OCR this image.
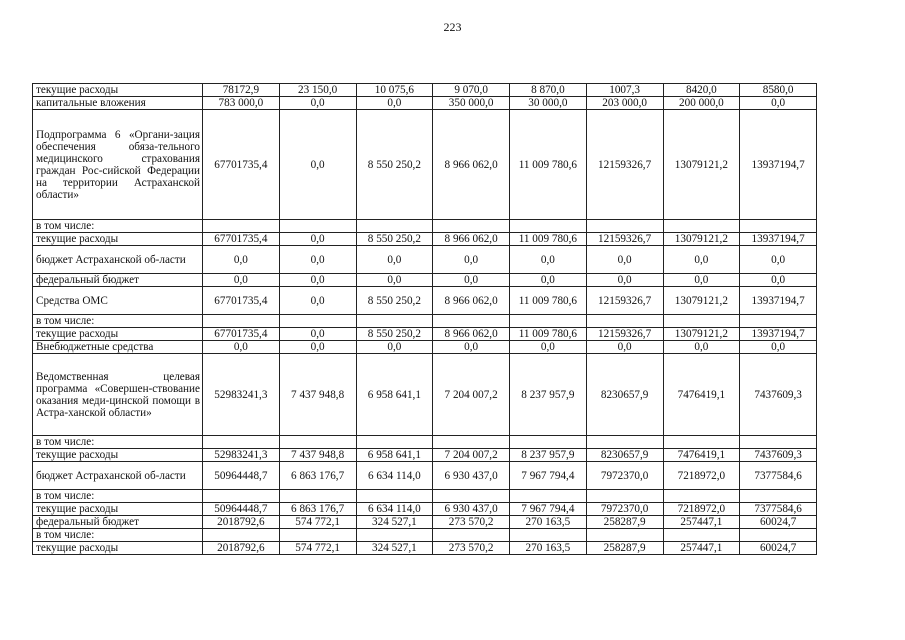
223
текущие расходы	78172,9	23 150,0	10 075,6	9 070,0	8 870,0	1007,3	8420,0	8580,0
капитальные вложения	783 000,0	0,0	0,0	350 000,0	30 000,0	203 000,0	200 000,0	0,0
Подпрограмма 6 «Органи-зация обеспечения обяза-тельного медицинского страхования граждан Рос-сийской Федерации на территории Астраханской области»	67701735,4	0,0	8 550 250,2	8 966 062,0	11 009 780,6	12159326,7	13079121,2	13937194,7
в том числе:								
текущие расходы	67701735,4	0,0	8 550 250,2	8 966 062,0	11 009 780,6	12159326,7	13079121,2	13937194,7
бюджет Астраханской об-ласти	0,0	0,0	0,0	0,0	0,0	0,0	0,0	0,0
федеральный бюджет	0,0	0,0	0,0	0,0	0,0	0,0	0,0	0,0
Средства ОМС	67701735,4	0,0	8 550 250,2	8 966 062,0	11 009 780,6	12159326,7	13079121,2	13937194,7
в том числе:								
текущие расходы	67701735,4	0,0	8 550 250,2	8 966 062,0	11 009 780,6	12159326,7	13079121,2	13937194,7
Внебюджетные средства	0,0	0,0	0,0	0,0	0,0	0,0	0,0	0,0
Ведомственная целевая программа «Совершен-ствование оказания меди-цинской помощи в Астра-ханской области»	52983241,3	7 437 948,8	6 958 641,1	7 204 007,2	8 237 957,9	8230657,9	7476419,1	7437609,3
в том числе:								
текущие расходы	52983241,3	7 437 948,8	6 958 641,1	7 204 007,2	8 237 957,9	8230657,9	7476419,1	7437609,3
бюджет Астраханской об-ласти	50964448,7	6 863 176,7	6 634 114,0	6 930 437,0	7 967 794,4	7972370,0	7218972,0	7377584,6
в том числе:								
текущие расходы	50964448,7	6 863 176,7	6 634 114,0	6 930 437,0	7 967 794,4	7972370,0	7218972,0	7377584,6
федеральный бюджет	2018792,6	574 772,1	324 527,1	273 570,2	270 163,5	258287,9	257447,1	60024,7
в том числе:								
текущие расходы	2018792,6	574 772,1	324 527,1	273 570,2	270 163,5	258287,9	257447,1	60024,7
